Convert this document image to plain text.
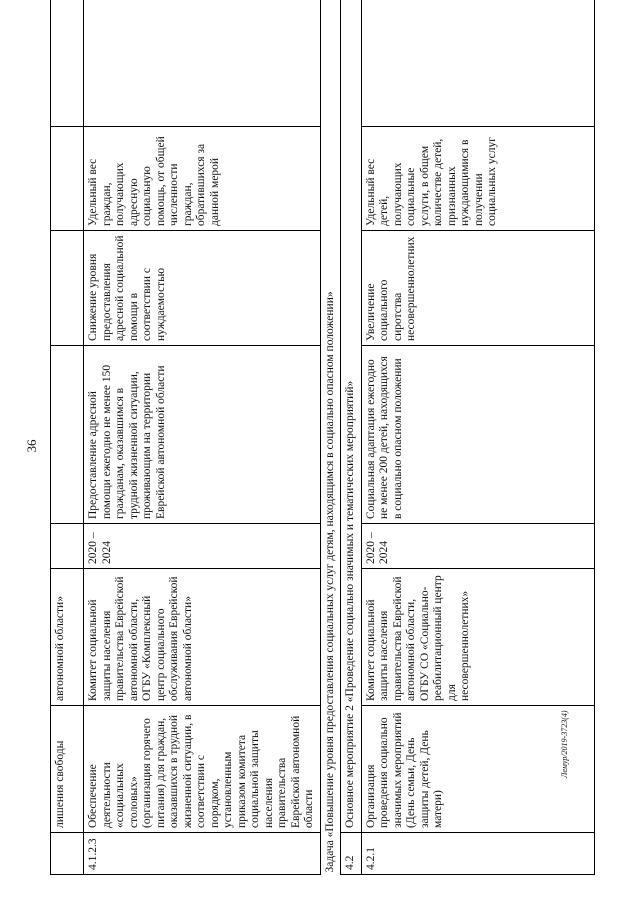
36
Лемур/2019-3723(4)
	лишения свободы	автономной области»					
4.1.2.3	Обеспечение деятельности «социальных столовых» (организация горячего питания) для граждан, оказавшихся в трудной жизненной ситуации, в соответствии с порядком, установленным приказом комитета социальной защиты населения правительства Еврейской автономной области	Комитет социальной защиты населения правительства Еврейской автономной области, ОГБУ «Комплексный центр социального обслуживания Еврейской автономной области»	2020 – 2024	Предоставление адресной помощи ежегодно не менее 150 гражданам, оказавшимся в трудной жизненной ситуации, проживающим на территории Еврейской автономной области	Снижение уровня предоставления адресной социальной помощи в соответствии с нуждаемостью	Удельный вес граждан, получающих адресную социальную помощь, от общей численности граждан, обратившихся за данной мерой	
Задача «Повышение уровня предоставления социальных услуг детям, находящимся в социально опасном положении»							
4.2	Основное мероприятие 2 «Проведение социально значимых и тематических мероприятий»						
4.2.1	Организация проведения социально значимых мероприятий (День семьи, День защиты детей, День матери)	Комитет социальной защиты населения правительства Еврейской автономной области, ОГБУ СО «Социально-реабилитационный центр для несовершеннолетних»	2020 – 2024	Социальная адаптация ежегодно не менее 200 детей, находящихся в социально опасном положении	Увеличение социального сиротства несовершеннолетних	Удельный вес детей, получающих социальные услуги, в общем количестве детей, признанных нуждающимися в получении социальных услуг	
